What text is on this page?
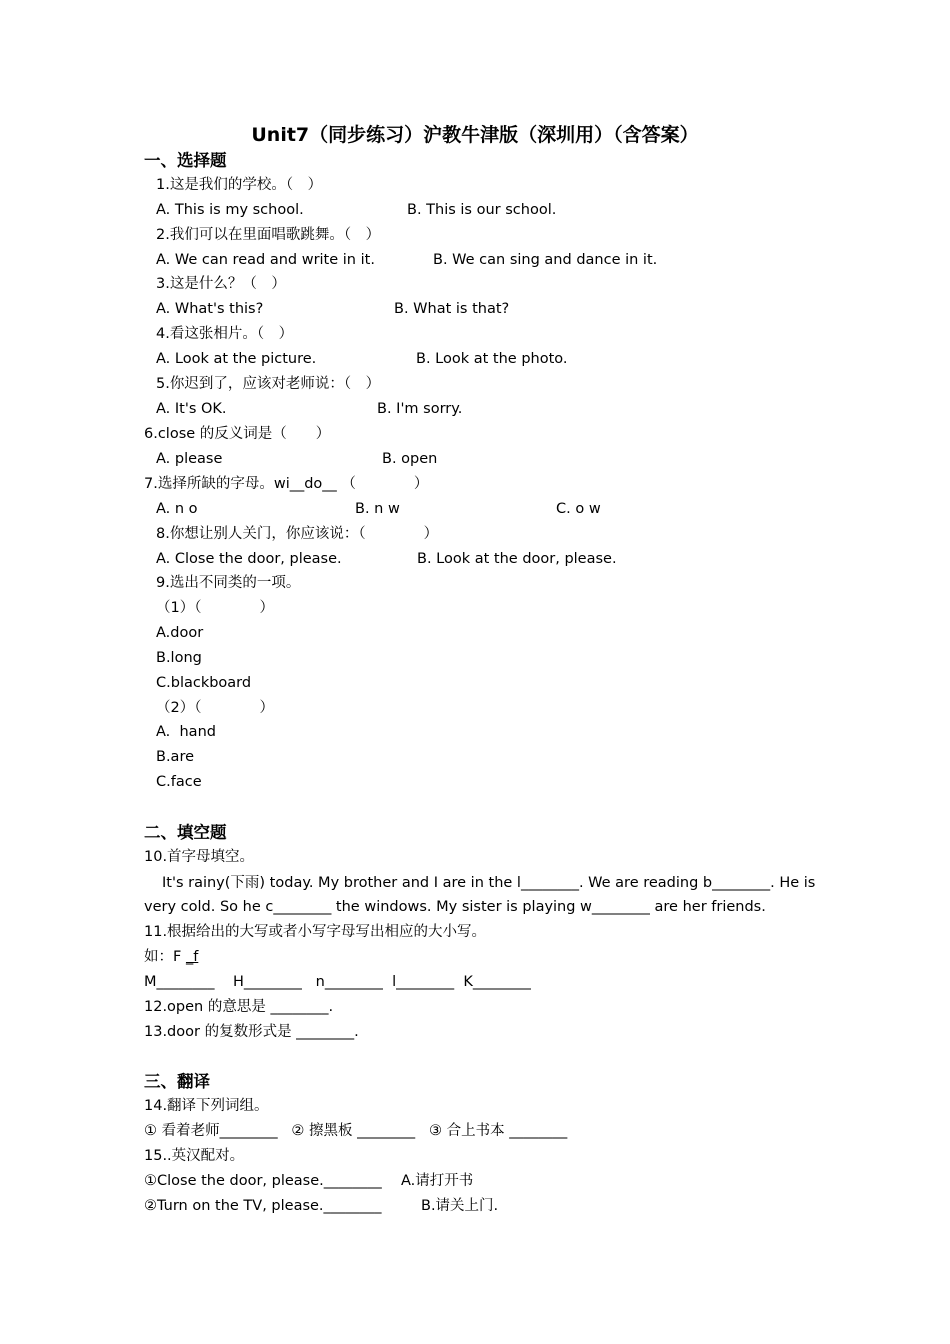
Unit7（同步练习）沪教牛津版（深圳用）（含答案）
一、选择题
1.这是我们的学校。（　）
A. This is my school.	B. This is our school.
2.我们可以在里面唱歌跳舞。（　）
A. We can read and write in it.	B. We can sing and dance in it.
3.这是什么？（　）
A. What's this?	B. What is that?
4.看这张相片。（　）
A. Look at the picture.	B. Look at the photo.
5.你迟到了，应该对老师说：（　）
A. It's OK.	B. I'm sorry.
6.close 的反义词是（　　）
A. please	B. open
7.选择所缺的字母。wi__do__ （　　　　）
A. n o	B. n w	C. o w
8.你想让别人关门，你应该说：（　　　　）
A. Close the door, please.	B. Look at the door, please.
9.选出不同类的一项。
（1）（　　　　）
A.door
B.long
C.blackboard
（2）（　　　　）
A.  hand
B.are
C.face
二、填空题
10.首字母填空。
It's rainy(下雨) today. My brother and I are in the l________. We are reading b________. He is
very cold. So he c________ the windows. My sister is playing w________ are her friends.
11.根据给出的大写或者小写字母写出相应的大小写。
如：F _f
M________    H________   n________  l________  K________
12.open 的意思是 ________.
13.door 的复数形式是 ________.
三、翻译
14.翻译下列词组。
① 看着老师________   ② 擦黑板 ________   ③ 合上书本 ________
15..英汉配对。
①Close the door, please.________ A.请打开书
②Turn on the TV, please.________	B.请关上门.
